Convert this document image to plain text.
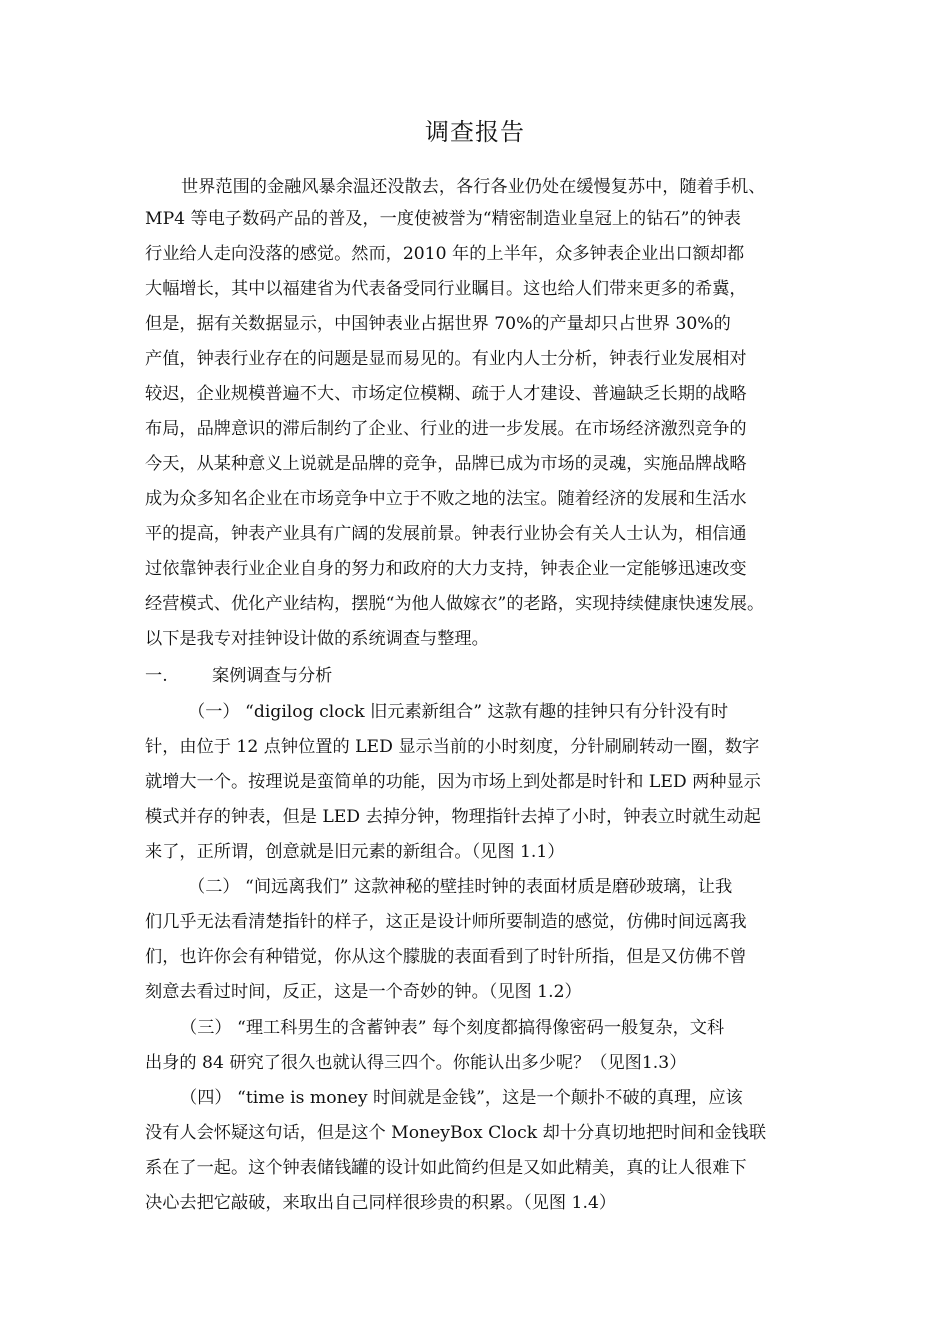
调查报告
世界范围的金融风暴余温还没散去，各行各业仍处在缓慢复苏中，随着手机、
MP4 等电子数码产品的普及，一度使被誉为“精密制造业皇冠上的钻石”的钟表
行业给人走向没落的感觉。然而，2010 年的上半年，众多钟表企业出口额却都
大幅增长，其中以福建省为代表备受同行业瞩目。这也给人们带来更多的希冀，
但是，据有关数据显示，中国钟表业占据世界 70%的产量却只占世界 30%的
产值，钟表行业存在的问题是显而易见的。有业内人士分析，钟表行业发展相对
较迟，企业规模普遍不大、市场定位模糊、疏于人才建设、普遍缺乏长期的战略
布局，品牌意识的滞后制约了企业、行业的进一步发展。在市场经济激烈竞争的
今天，从某种意义上说就是品牌的竞争，品牌已成为市场的灵魂，实施品牌战略
成为众多知名企业在市场竞争中立于不败之地的法宝。随着经济的发展和生活水
平的提高，钟表产业具有广阔的发展前景。钟表行业协会有关人士认为，相信通
过依靠钟表行业企业自身的努力和政府的大力支持，钟表企业一定能够迅速改变
经营模式、优化产业结构，摆脱“为他人做嫁衣”的老路，实现持续健康快速发展。
以下是我专对挂钟设计做的系统调查与整理。
一.	案例调查与分析
（一） “digilog clock 旧元素新组合” 这款有趣的挂钟只有分针没有时
针，由位于 12 点钟位置的 LED 显示当前的小时刻度，分针刷刷转动一圈，数字
就增大一个。按理说是蛮简单的功能，因为市场上到处都是时针和 LED 两种显示
模式并存的钟表，但是 LED 去掉分钟，物理指针去掉了小时，钟表立时就生动起
来了，正所谓，创意就是旧元素的新组合。（见图 1.1）
（二） “间远离我们” 这款神秘的壁挂时钟的表面材质是磨砂玻璃，让我
们几乎无法看清楚指针的样子，这正是设计师所要制造的感觉，仿佛时间远离我
们，也许你会有种错觉，你从这个朦胧的表面看到了时针所指，但是又仿佛不曾
刻意去看过时间，反正，这是一个奇妙的钟。（见图 1.2）
（三） “理工科男生的含蓄钟表” 每个刻度都搞得像密码一般复杂，文科
出身的 84 研究了很久也就认得三四个。你能认出多少呢？（见图1.3）
（四） “time is money 时间就是金钱”，这是一个颠扑不破的真理，应该
没有人会怀疑这句话，但是这个 MoneyBox Clock 却十分真切地把时间和金钱联
系在了一起。这个钟表储钱罐的设计如此简约但是又如此精美，真的让人很难下
决心去把它敲破，来取出自己同样很珍贵的积累。（见图 1.4）
